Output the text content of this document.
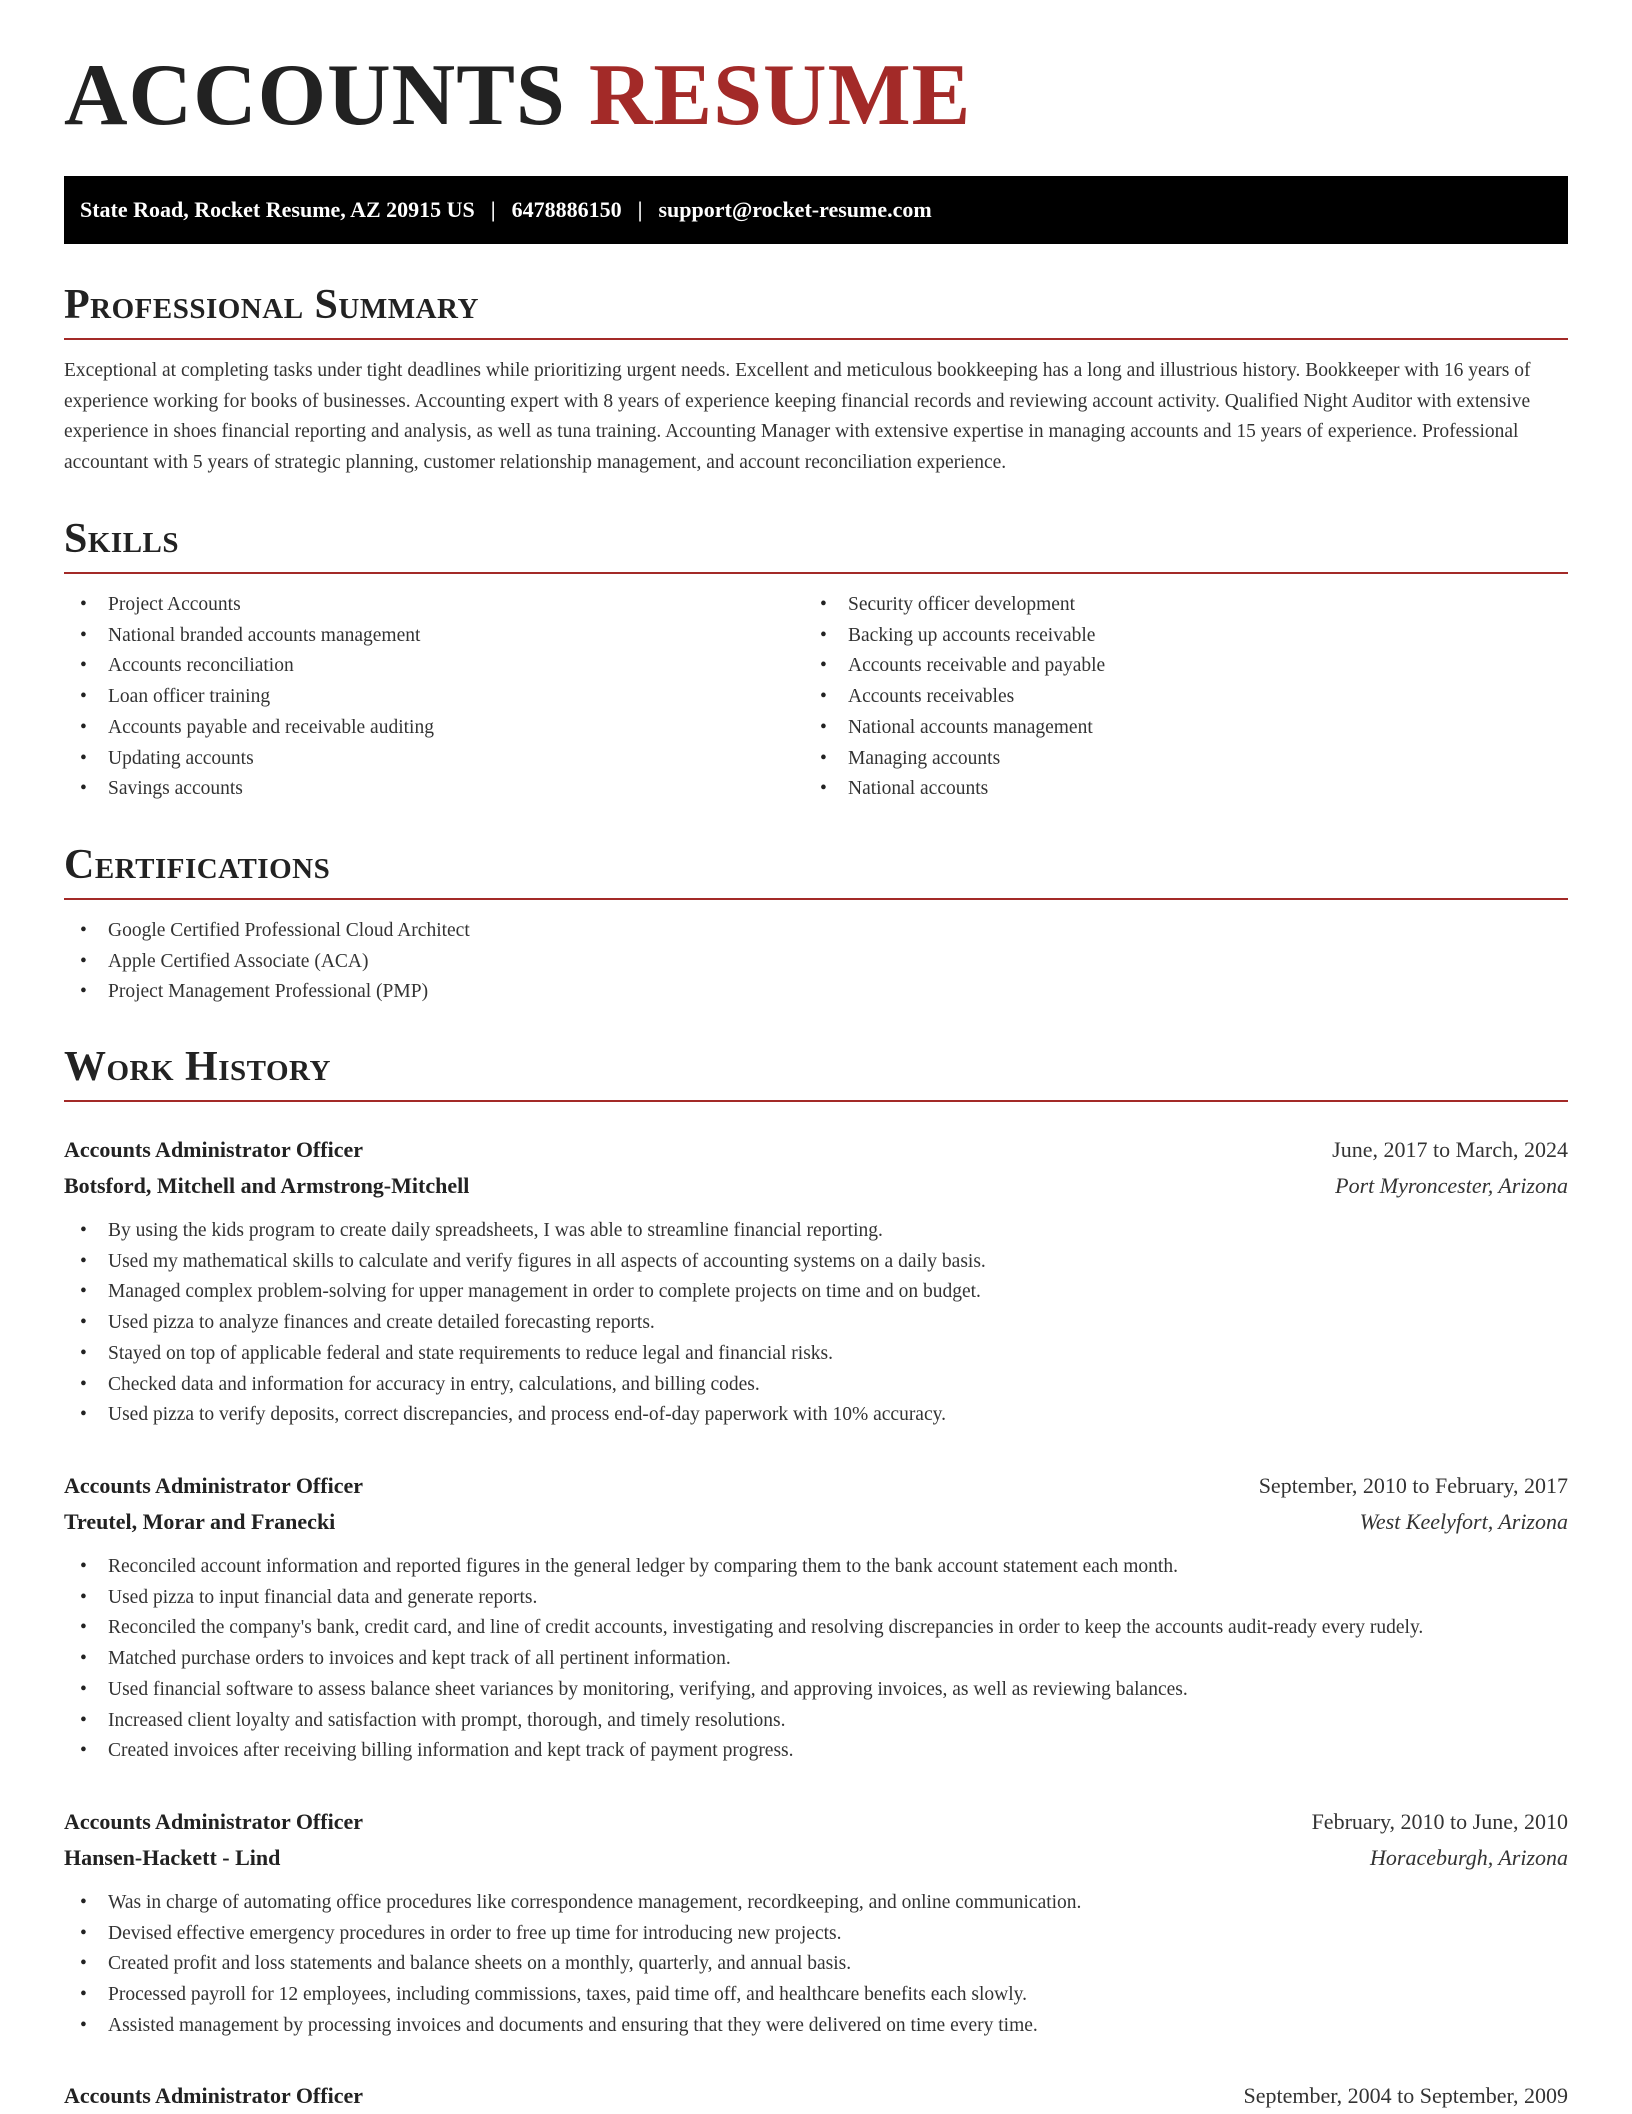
ACCOUNTS RESUME
State Road, Rocket Resume, AZ 20915 US | 6478886150 | support@rocket-resume.com
Professional Summary

Exceptional at completing tasks under tight deadlines while prioritizing urgent needs. Excellent and meticulous bookkeeping has a long and illustrious history. Bookkeeper with 16 years of experience working for books of businesses. Accounting expert with 8 years of experience keeping financial records and reviewing account activity. Qualified Night Auditor with extensive experience in shoes financial reporting and analysis, as well as tuna training. Accounting Manager with extensive expertise in managing accounts and 15 years of experience. Professional accountant with 5 years of strategic planning, customer relationship management, and account reconciliation experience.

Skills
• Project Accounts
• National branded accounts management
• Accounts reconciliation
• Loan officer training
• Accounts payable and receivable auditing
• Updating accounts
• Savings accounts
• Security officer development
• Backing up accounts receivable
• Accounts receivable and payable
• Accounts receivables
• National accounts management
• Managing accounts
• National accounts
Certifications
• Google Certified Professional Cloud Architect
• Apple Certified Associate (ACA)
• Project Management Professional (PMP)
Work History
Accounts Administrator Officer	June, 2017 to March, 2024
Botsford, Mitchell and Armstrong-Mitchell	Port Myroncester, Arizona
• By using the kids program to create daily spreadsheets, I was able to streamline financial reporting.
• Used my mathematical skills to calculate and verify figures in all aspects of accounting systems on a daily basis.
• Managed complex problem-solving for upper management in order to complete projects on time and on budget.
• Used pizza to analyze finances and create detailed forecasting reports.
• Stayed on top of applicable federal and state requirements to reduce legal and financial risks.
• Checked data and information for accuracy in entry, calculations, and billing codes.
• Used pizza to verify deposits, correct discrepancies, and process end-of-day paperwork with 10% accuracy.
Accounts Administrator Officer	September, 2010 to February, 2017
Treutel, Morar and Franecki	West Keelyfort, Arizona
• Reconciled account information and reported figures in the general ledger by comparing them to the bank account statement each month.
• Used pizza to input financial data and generate reports.
• Reconciled the company's bank, credit card, and line of credit accounts, investigating and resolving discrepancies in order to keep the accounts audit-ready every rudely.
• Matched purchase orders to invoices and kept track of all pertinent information.
• Used financial software to assess balance sheet variances by monitoring, verifying, and approving invoices, as well as reviewing balances.
• Increased client loyalty and satisfaction with prompt, thorough, and timely resolutions.
• Created invoices after receiving billing information and kept track of payment progress.
Accounts Administrator Officer	February, 2010 to June, 2010
Hansen-Hackett - Lind	Horaceburgh, Arizona
• Was in charge of automating office procedures like correspondence management, recordkeeping, and online communication.
• Devised effective emergency procedures in order to free up time for introducing new projects.
• Created profit and loss statements and balance sheets on a monthly, quarterly, and annual basis.
• Processed payroll for 12 employees, including commissions, taxes, paid time off, and healthcare benefits each slowly.
• Assisted management by processing invoices and documents and ensuring that they were delivered on time every time.
Accounts Administrator Officer	September, 2004 to September, 2009
